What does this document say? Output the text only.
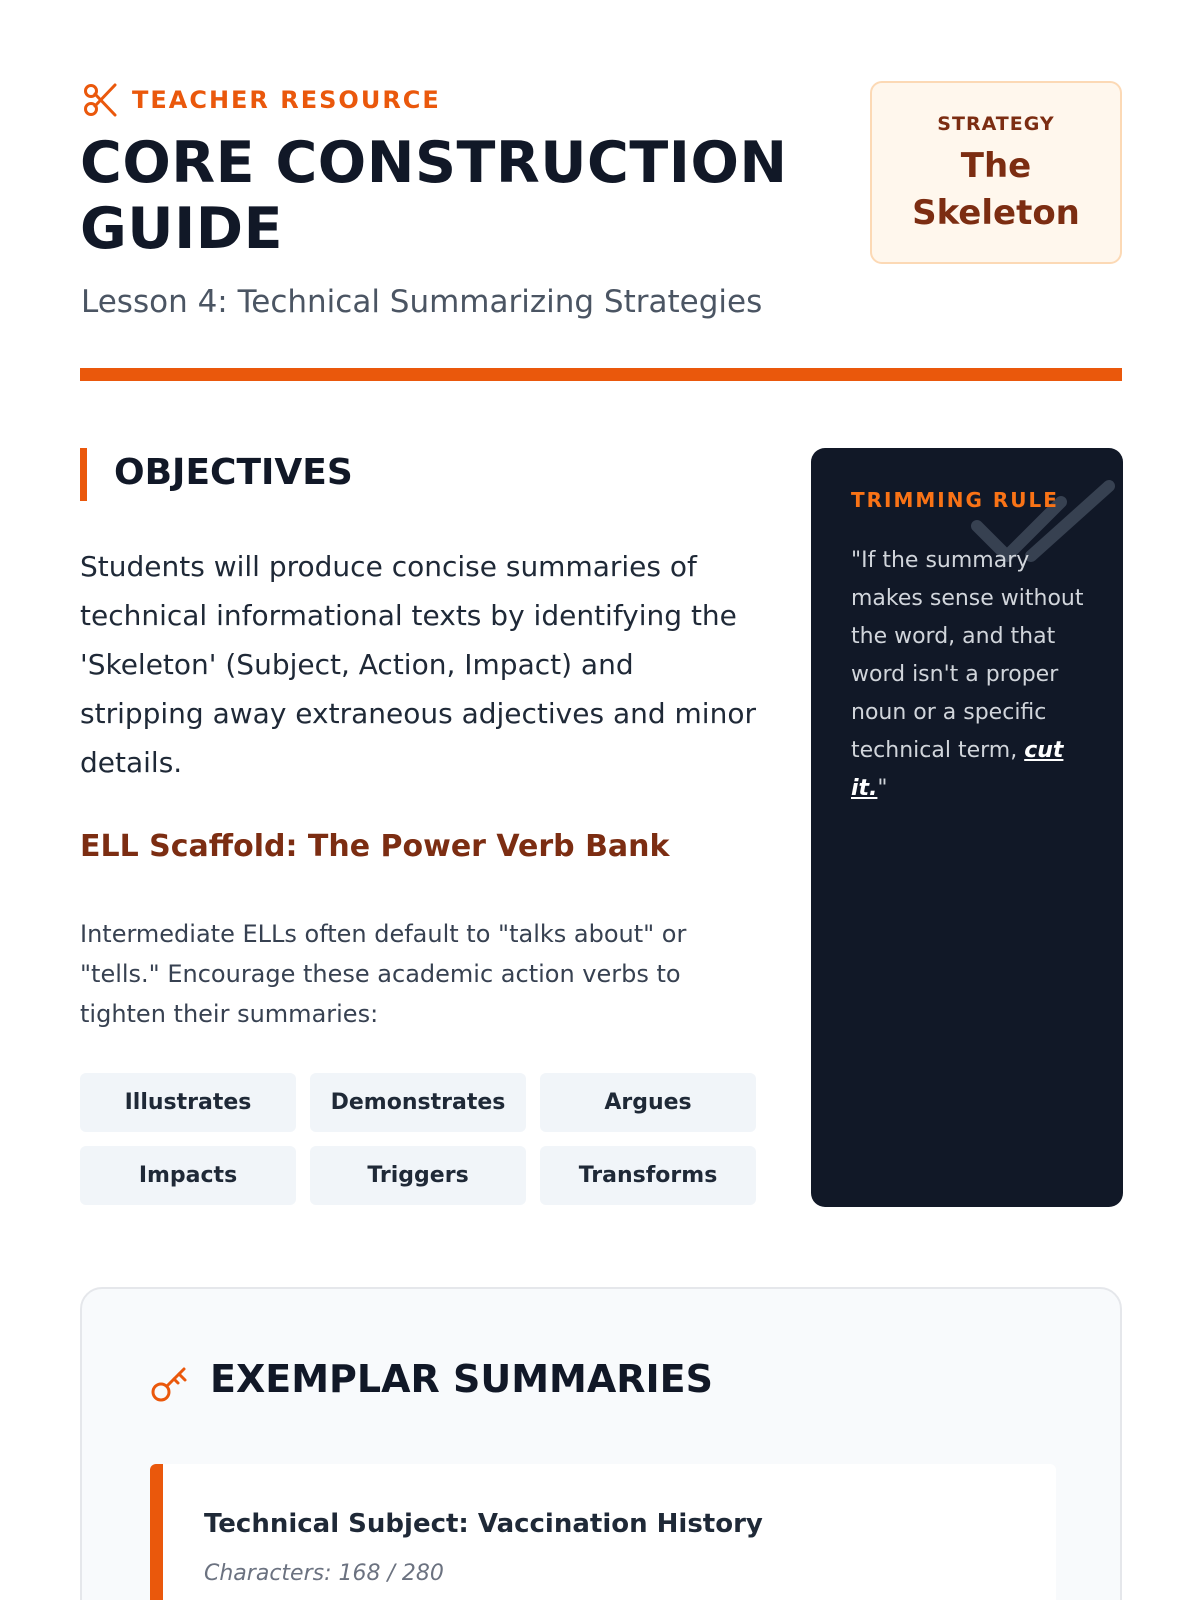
TEACHER RESOURCE
CORE CONSTRUCTION GUIDE
Lesson 4: Technical Summarizing Strategies
STRATEGY
The Skeleton
OBJECTIVES

Students will produce concise summaries of technical informational texts by identifying the 'Skeleton' (Subject, Action, Impact) and stripping away extraneous adjectives and minor details.

ELL Scaffold: The Power Verb Bank

Intermediate ELLs often default to "talks about" or "tells." Encourage these academic action verbs to tighten their summaries:

Illustrates	Demonstrates	Argues
Impacts	Triggers	Transforms
TRIMMING RULE

"If the summary makes sense without the word, and that word isn't a proper noun or a specific technical term, cut it."

EXEMPLAR SUMMARIES
Technical Subject: Vaccination History
Characters: 168 / 280
